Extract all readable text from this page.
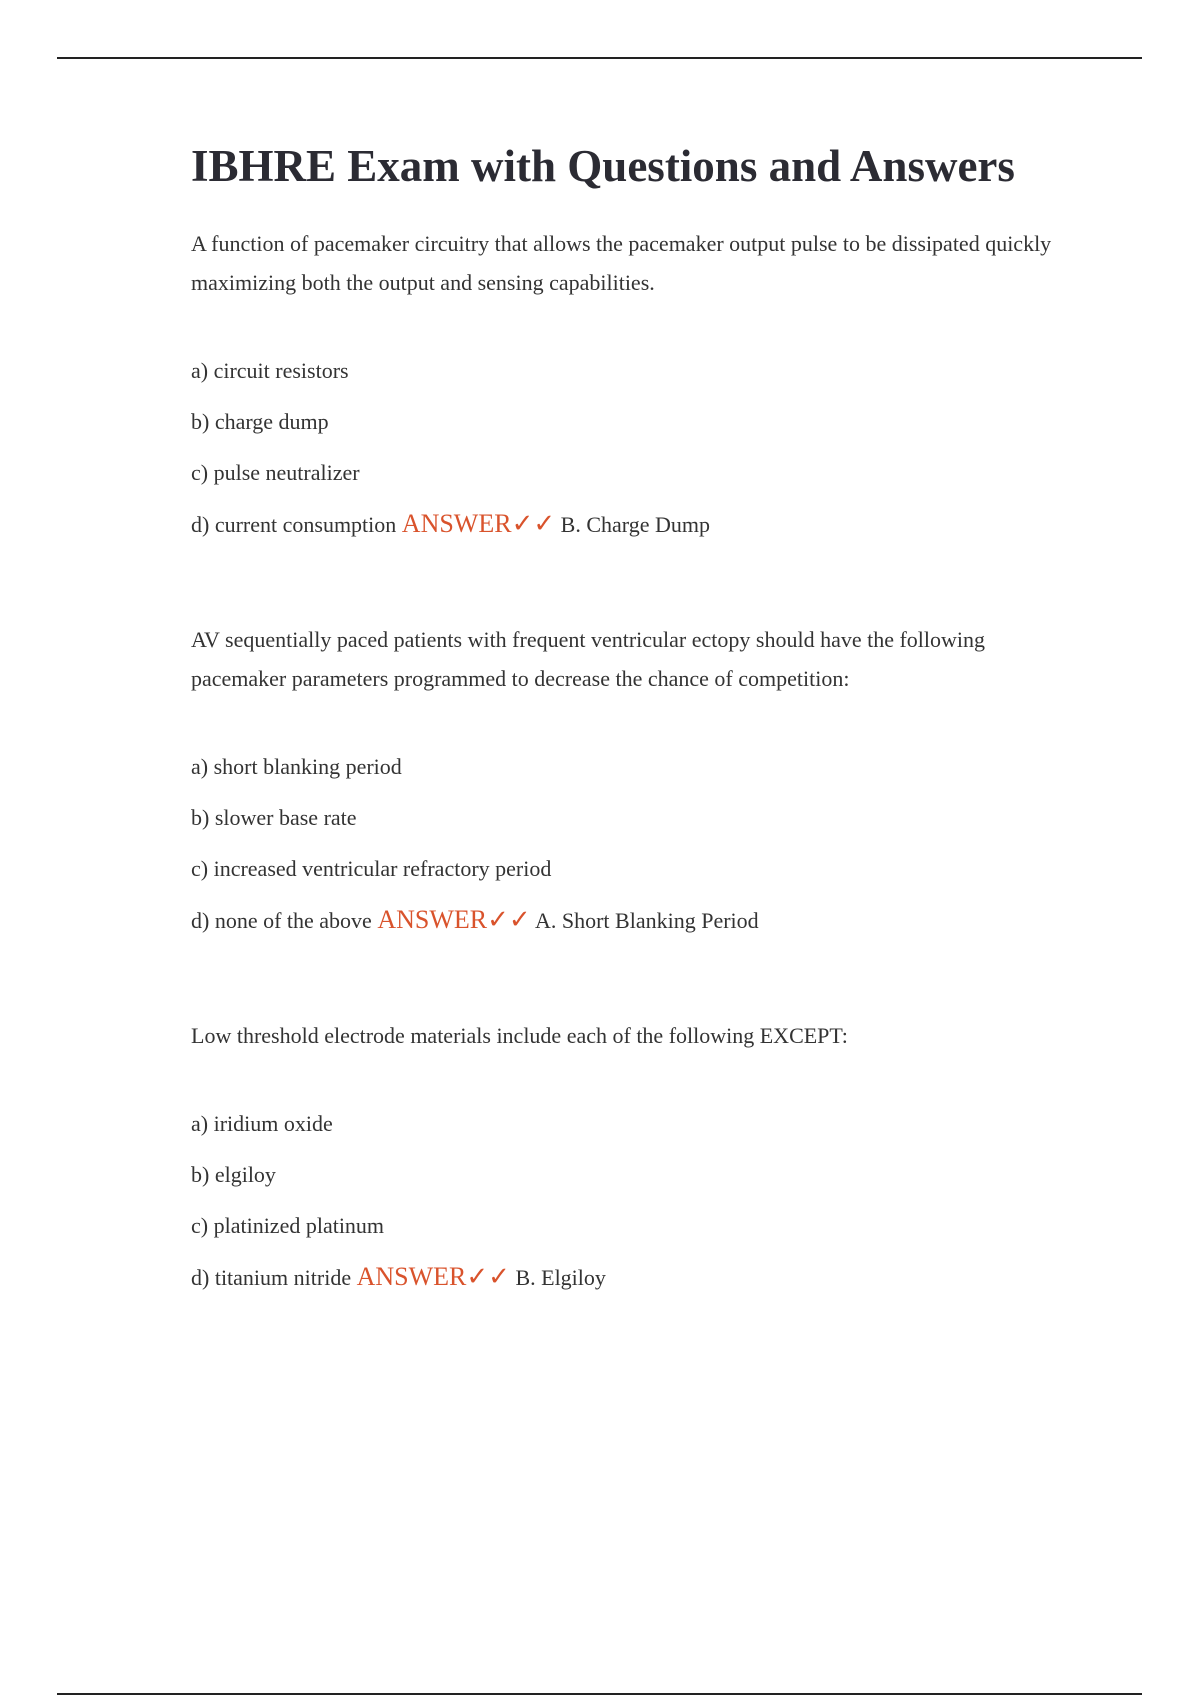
IBHRE Exam with Questions and Answers

A function of pacemaker circuitry that allows the pacemaker output pulse to be dissipated quickly maximizing both the output and sensing capabilities.

a) circuit resistors
b) charge dump
c) pulse neutralizer
d) current consumption ANSWER✓✓ B. Charge Dump

AV sequentially paced patients with frequent ventricular ectopy should have the following pacemaker parameters programmed to decrease the chance of competition:

a) short blanking period
b) slower base rate
c) increased ventricular refractory period
d) none of the above ANSWER✓✓ A. Short Blanking Period

Low threshold electrode materials include each of the following EXCEPT:

a) iridium oxide
b) elgiloy
c) platinized platinum
d) titanium nitride ANSWER✓✓ B. Elgiloy
